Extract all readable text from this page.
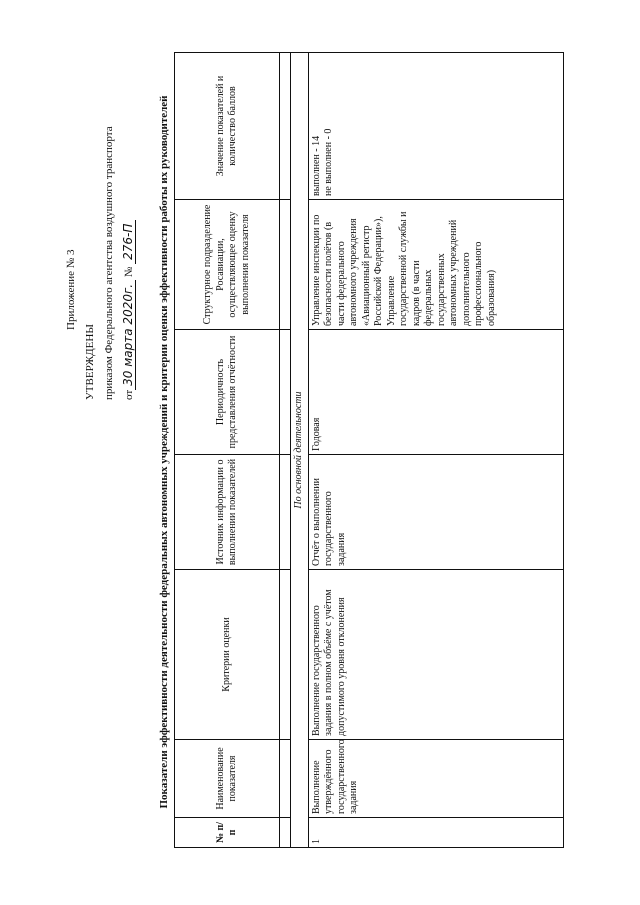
Приложение № 3
УТВЕРЖДЕНЫ приказом Федерального агентства воздушного транспорта от30 марта 2020г. № 276-П	Показатели эффективности деятельности федеральных автономных учреждений и критерии оценки эффективности работы их руководителей
№ п/п	Наименование показателя	Критерии оценки	Источник информации о выполнении показателей	Периодичность представления отчётности	Структурное подразделение Росавиации, осуществляющее оценку выполнения показателя	Значение показателей и количество баллов

По основной деятельности						
1	Выполнение утверждённого государственного задания	Выполнение государственного задания в полном объёме с учётом допустимого уровня отклонения	Отчёт о выполнении государственного задания	Годовая	Управление инспекции по безопасности полётов (в части федерального автономного учреждения «Авиационный регистр Российской Федерации»), Управление государственной службы и кадров (в части федеральных государственных автономных учреждений дополнительного профессионального образования)	выполнен - 14 не выполнен - 0
